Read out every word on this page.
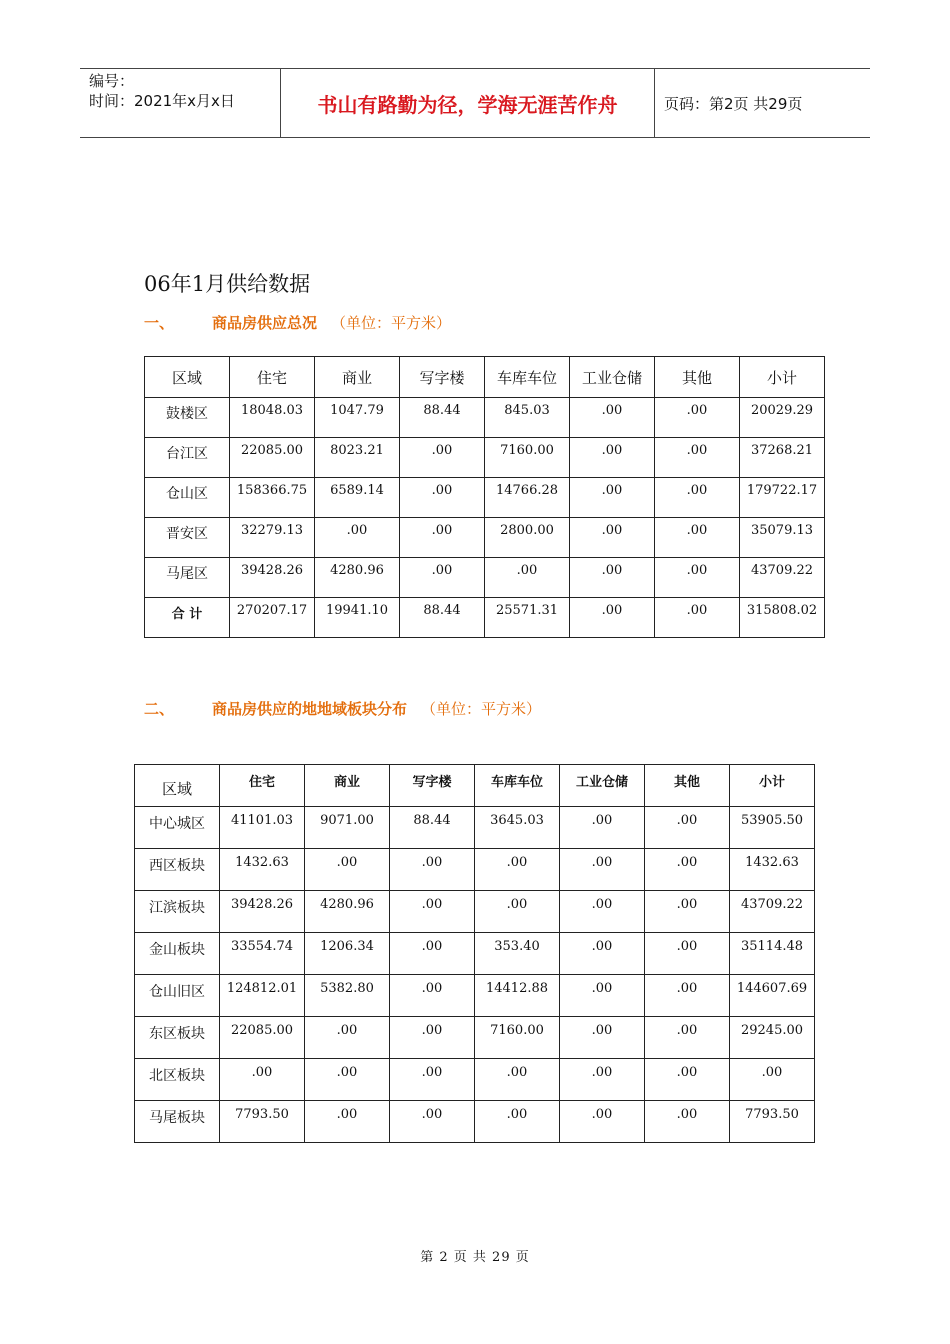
编号：
时间：2021年x月x日	书山有路勤为径，学海无涯苦作舟	页码：第2页 共29页
06年1月供给数据
一、	商品房供应总况 （单位：平方米）
区域	住宅	商业	写字楼	车库车位	工业仓储	其他	小计
鼓楼区	18048.03	1047.79	88.44	845.03	.00	.00	20029.29
台江区	22085.00	8023.21	.00	7160.00	.00	.00	37268.21
仓山区	158366.75	6589.14	.00	14766.28	.00	.00	179722.17
晋安区	32279.13	.00	.00	2800.00	.00	.00	35079.13
马尾区	39428.26	4280.96	.00	.00	.00	.00	43709.22
合 计	270207.17	19941.10	88.44	25571.31	.00	.00	315808.02
二、	商品房供应的地地域板块分布 （单位：平方米）
区域	住宅	商业	写字楼	车库车位	工业仓储	其他	小计
中心城区	41101.03	9071.00	88.44	3645.03	.00	.00	53905.50
西区板块	1432.63	.00	.00	.00	.00	.00	1432.63
江滨板块	39428.26	4280.96	.00	.00	.00	.00	43709.22
金山板块	33554.74	1206.34	.00	353.40	.00	.00	35114.48
仓山旧区	124812.01	5382.80	.00	14412.88	.00	.00	144607.69
东区板块	22085.00	.00	.00	7160.00	.00	.00	29245.00
北区板块	.00	.00	.00	.00	.00	.00	.00
马尾板块	7793.50	.00	.00	.00	.00	.00	7793.50
第 2 页 共 29 页
